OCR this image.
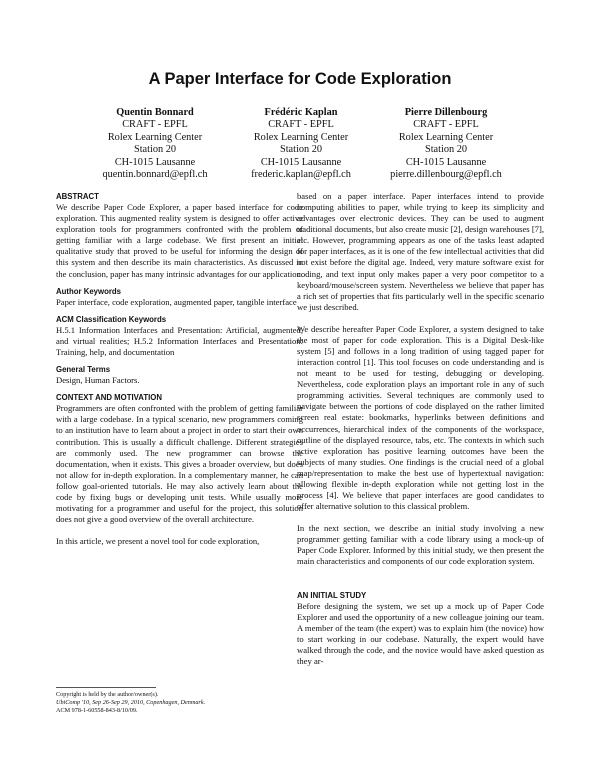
A Paper Interface for Code Exploration
Quentin Bonnard
CRAFT - EPFL
Rolex Learning Center
Station 20
CH-1015 Lausanne
quentin.bonnard@epfl.ch
Frédéric Kaplan
CRAFT - EPFL
Rolex Learning Center
Station 20
CH-1015 Lausanne
frederic.kaplan@epfl.ch
Pierre Dillenbourg
CRAFT - EPFL
Rolex Learning Center
Station 20
CH-1015 Lausanne
pierre.dillenbourg@epfl.ch
ABSTRACT

We describe Paper Code Explorer, a paper based interface for code exploration. This augmented reality system is designed to offer active exploration tools for programmers confronted with the problem of getting familiar with a large codebase. We first present an initial qualitative study that proved to be useful for informing the design of this system and then describe its main characteristics. As discussed in the conclusion, paper has many intrinsic advantages for our application.

Author Keywords

Paper interface, code exploration, augmented paper, tangible interface

ACM Classification Keywords

H.5.1 Information Interfaces and Presentation: Artificial, augmented, and virtual realities; H.5.2 Information Interfaces and Presentation: Training, help, and documentation

General Terms

Design, Human Factors.

CONTEXT AND MOTIVATION

Programmers are often confronted with the problem of getting familiar with a large codebase. In a typical scenario, new programmers coming to an institution have to learn about a project in order to start their own contribution. This is usually a difficult challenge. Different strategies are commonly used. The new programmer can browse the documentation, when it exists. This gives a broader overview, but does not allow for in-depth exploration. In a complementary manner, he can follow goal-oriented tutorials. He may also actively learn about the code by fixing bugs or developing unit tests. While usually more motivating for a programmer and useful for the project, this solution does not give a good overview of the overall architecture.

In this article, we present a novel tool for code exploration,

based on a paper interface. Paper interfaces intend to provide computing abilities to paper, while trying to keep its simplicity and advantages over electronic devices. They can be used to augment traditional documents, but also create music [2], design warehouses [7], etc. However, programming appears as one of the tasks least adapted for paper interfaces, as it is one of the few intellectual activities that did not exist before the digital age. Indeed, very mature software exist for coding, and text input only makes paper a very poor competitor to a keyboard/mouse/screen system. Nevertheless we believe that paper has a rich set of properties that fits particularly well in the specific scenario we just described.

We describe hereafter Paper Code Explorer, a system designed to take the most of paper for code exploration. This is a Digital Desk-like system [5] and follows in a long tradition of using tagged paper for interaction control [1]. This tool focuses on code understanding and is not meant to be used for testing, debugging or developing. Nevertheless, code exploration plays an important role in any of such programming activities. Several techniques are commonly used to navigate between the portions of code displayed on the rather limited screen real estate: bookmarks, hyperlinks between definitions and occurrences, hierarchical index of the components of the workspace, outline of the displayed resource, tabs, etc. The contexts in which such active exploration has positive learning outcomes have been the subjects of many studies. One findings is the crucial need of a global map/representation to make the best use of hypertextual navigation: allowing flexible in-depth exploration while not getting lost in the process [4]. We believe that paper interfaces are good candidates to offer alternative solution to this classical problem.

In the next section, we describe an initial study involving a new programmer getting familiar with a code library using a mock-up of Paper Code Explorer. Informed by this initial study, we then present the main characteristics and components of our code exploration system.

AN INITIAL STUDY

Before designing the system, we set up a mock up of Paper Code Explorer and used the opportunity of a new colleague joining our team. A member of the team (the expert) was to explain him (the novice) how to start working in our codebase. Naturally, the expert would have walked through the code, and the novice would have asked question as they ar-

Copyright is held by the author/owner(s).
UbiComp '10, Sep 26-Sep 29, 2010, Copenhagen, Denmark.
ACM 978-1-60558-843-8/10/09.
